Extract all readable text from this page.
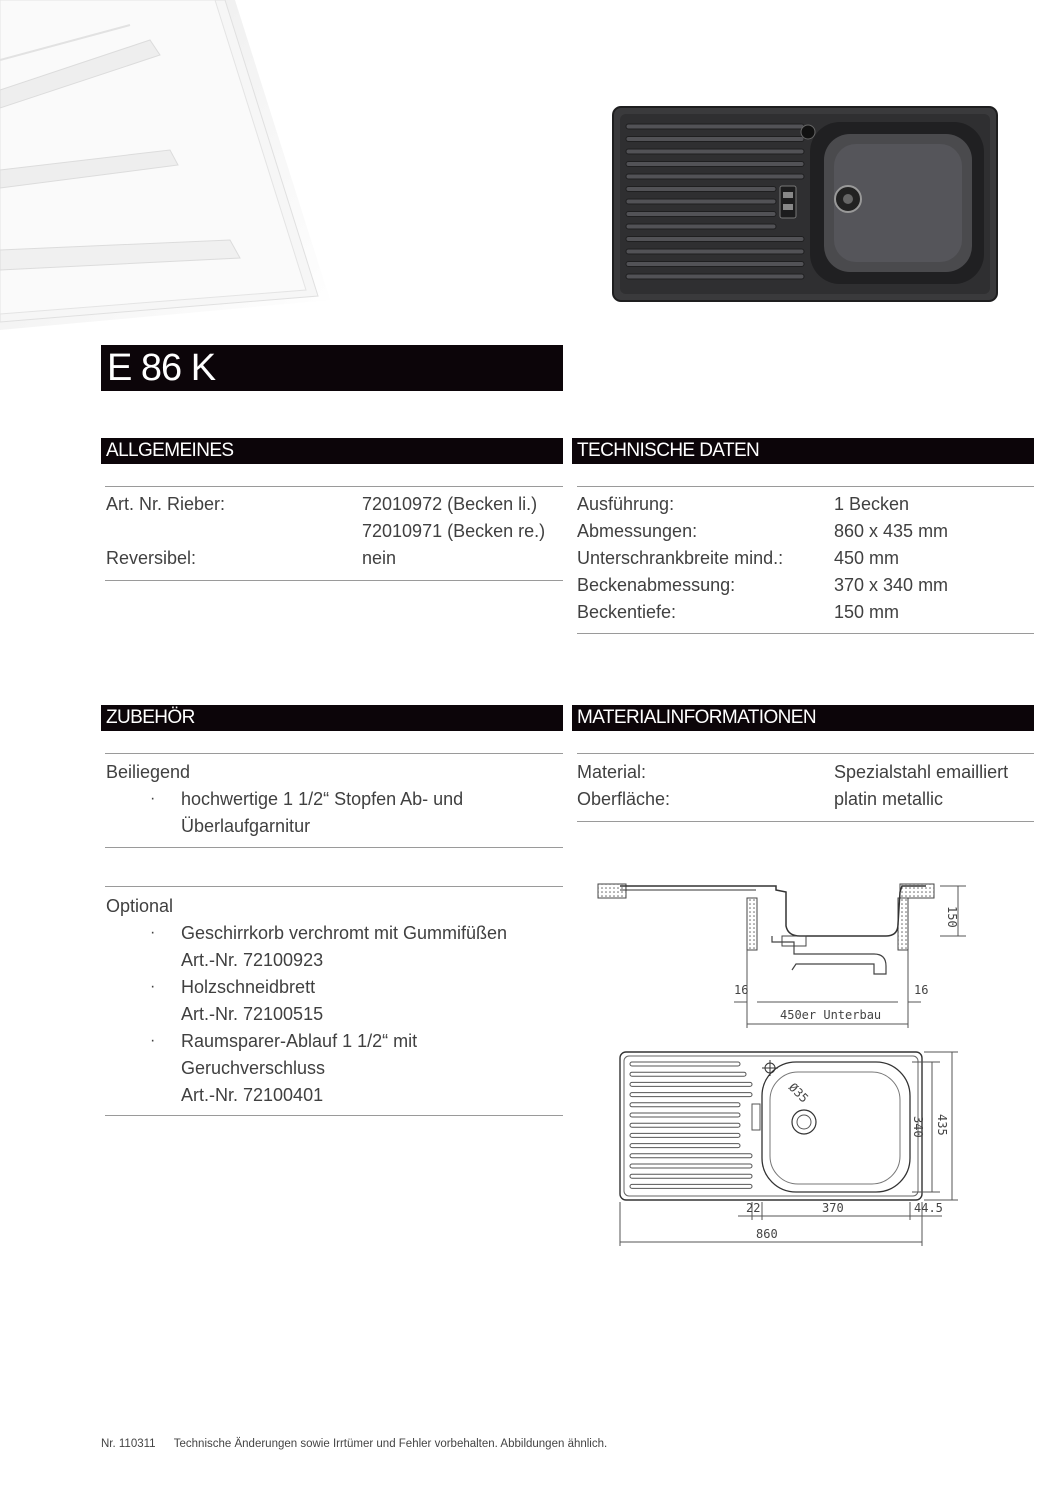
E 86 K
ALLGEMEINES
Art. Nr. Rieber:	72010972 (Becken li.)
72010971 (Becken re.)
Reversibel:	nein
TECHNISCHE DATEN
Ausführung:	1 Becken
Abmessungen:	860 x 435 mm
Unterschrankbreite mind.:	450 mm
Beckenabmessung:	370 x 340 mm
Beckentiefe:	150 mm
ZUBEHÖR
Beiliegend
· hochwertige 1 1/2“ Stopfen Ab- und
Überlaufgarnitur
Optional
· Geschirrkorb verchromt mit Gummifüßen
Art.-Nr. 72100923
· Holzschneidbrett
Art.-Nr. 72100515
· Raumsparer-Ablauf 1 1/2“ mit
Geruchverschluss
Art.-Nr. 72100401
MATERIALINFORMATIONEN
Material:	Spezialstahl emailliert
Oberfläche:	platin metallic
150
16	16
450er Unterbau
Ø35
340 435
22	370	44.5
860
Nr. 110311 Technische Änderungen sowie Irrtümer und Fehler vorbehalten. Abbildungen ähnlich.
